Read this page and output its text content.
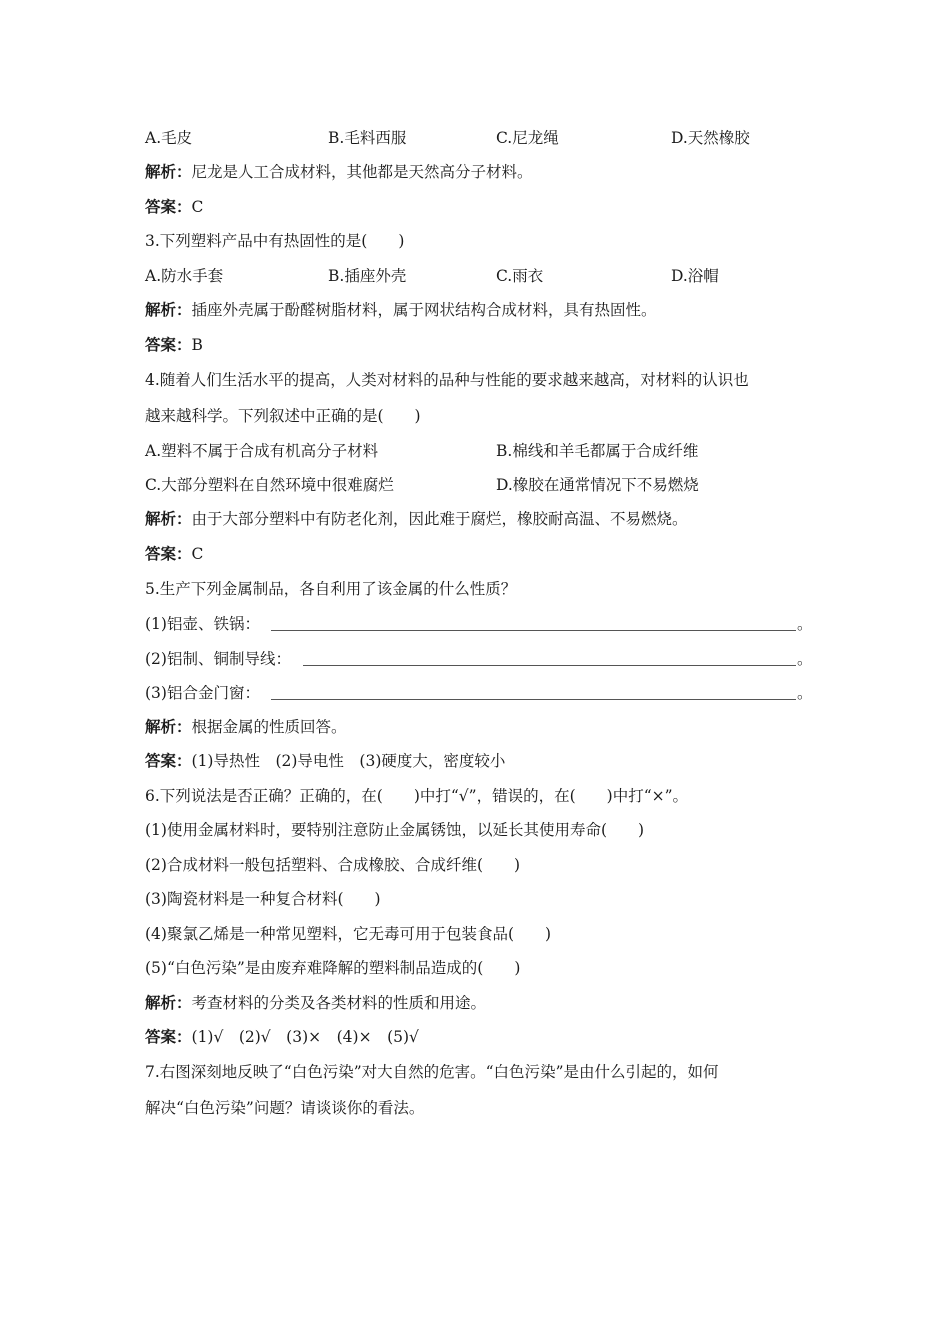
A.毛皮	B.毛料西服	C.尼龙绳	D.天然橡胶
解析：尼龙是人工合成材料，其他都是天然高分子材料。
答案：C
3.下列塑料产品中有热固性的是(　　)
A.防水手套	B.插座外壳	C.雨衣	D.浴帽
解析：插座外壳属于酚醛树脂材料，属于网状结构合成材料，具有热固性。
答案：B
4.随着人们生活水平的提高，人类对材料的品种与性能的要求越来越高，对材料的认识也
越来越科学。下列叙述中正确的是(　　)
A.塑料不属于合成有机高分子材料	B.棉线和羊毛都属于合成纤维
C.大部分塑料在自然环境中很难腐烂	D.橡胶在通常情况下不易燃烧
解析：由于大部分塑料中有防老化剂，因此难于腐烂，橡胶耐高温、不易燃烧。
答案：C
5.生产下列金属制品，各自利用了该金属的什么性质？
(1)铝壶、铁锅：	。
(2)铝制、铜制导线：	。
(3)铝合金门窗：	。
解析：根据金属的性质回答。
答案：(1)导热性　(2)导电性　(3)硬度大，密度较小
6.下列说法是否正确？正确的，在(　　)中打“√”，错误的，在(　　)中打“×”。
(1)使用金属材料时，要特别注意防止金属锈蚀，以延长其使用寿命(　　)
(2)合成材料一般包括塑料、合成橡胶、合成纤维(　　)
(3)陶瓷材料是一种复合材料(　　)
(4)聚氯乙烯是一种常见塑料，它无毒可用于包装食品(　　)
(5)“白色污染”是由废弃难降解的塑料制品造成的(　　)
解析：考查材料的分类及各类材料的性质和用途。
答案：(1)√　(2)√　(3)×　(4)×　(5)√
7.右图深刻地反映了“白色污染”对大自然的危害。“白色污染”是由什么引起的，如何
解决“白色污染”问题？请谈谈你的看法。
